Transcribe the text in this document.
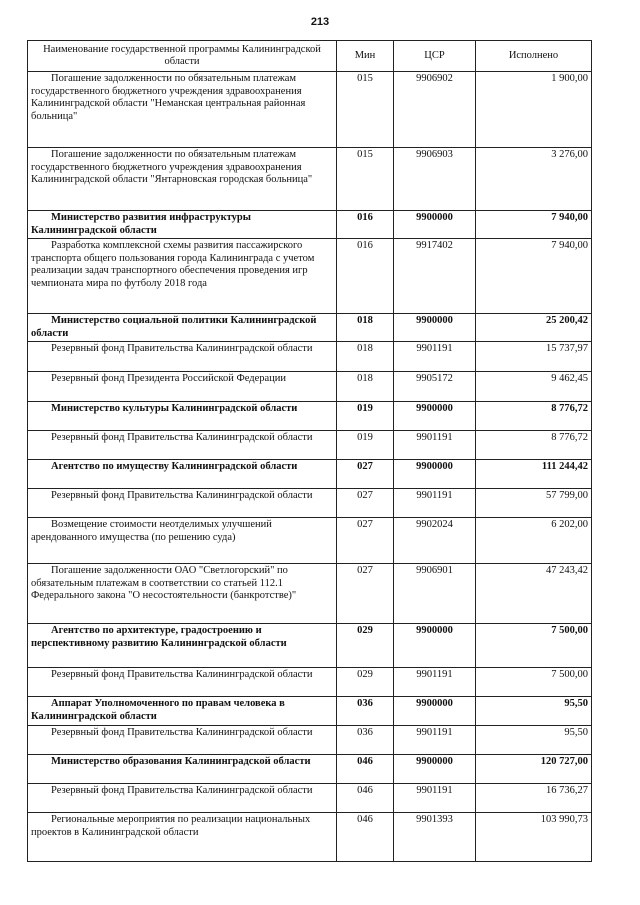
213
Наименование государственной программы Калининградской области	Мин	ЦСР	Исполнено
Погашение задолженности по обязательным платежам государственного бюджетного учреждения здравоохранения Калининградской области "Неманская центральная районная больница"	015	9906902	1 900,00
Погашение задолженности по обязательным платежам государственного бюджетного учреждения здравоохранения Калининградской области "Янтарновская городская больница"	015	9906903	3 276,00
Министерство развития инфраструктуры Калининградской области	016	9900000	7 940,00
Разработка комплексной схемы развития пассажирского транспорта общего пользования города Калининграда с учетом реализации задач транспортного обеспечения проведения игр чемпионата мира по футболу 2018 года	016	9917402	7 940,00
Министерство социальной политики Калининградской области	018	9900000	25 200,42
Резервный фонд Правительства Калининградской области	018	9901191	15 737,97
Резервный фонд Президента Российской Федерации	018	9905172	9 462,45
Министерство культуры Калининградской области	019	9900000	8 776,72
Резервный фонд Правительства Калининградской области	019	9901191	8 776,72
Агентство по имуществу Калининградской области	027	9900000	111 244,42
Резервный фонд Правительства Калининградской области	027	9901191	57 799,00
Возмещение стоимости неотделимых улучшений арендованного имущества (по решению суда)	027	9902024	6 202,00
Погашение задолженности ОАО "Светлогорский" по обязательным платежам в соответствии со статьей 112.1 Федерального закона "О несостоятельности (банкротстве)"	027	9906901	47 243,42
Агентство по архитектуре, градостроению и перспективному развитию Калининградской области	029	9900000	7 500,00
Резервный фонд Правительства Калининградской области	029	9901191	7 500,00
Аппарат Уполномоченного по правам человека в Калининградской области	036	9900000	95,50
Резервный фонд Правительства Калининградской области	036	9901191	95,50
Министерство образования Калининградской области	046	9900000	120 727,00
Резервный фонд Правительства Калининградской области	046	9901191	16 736,27
Региональные мероприятия по реализации национальных проектов в Калининградской области	046	9901393	103 990,73
